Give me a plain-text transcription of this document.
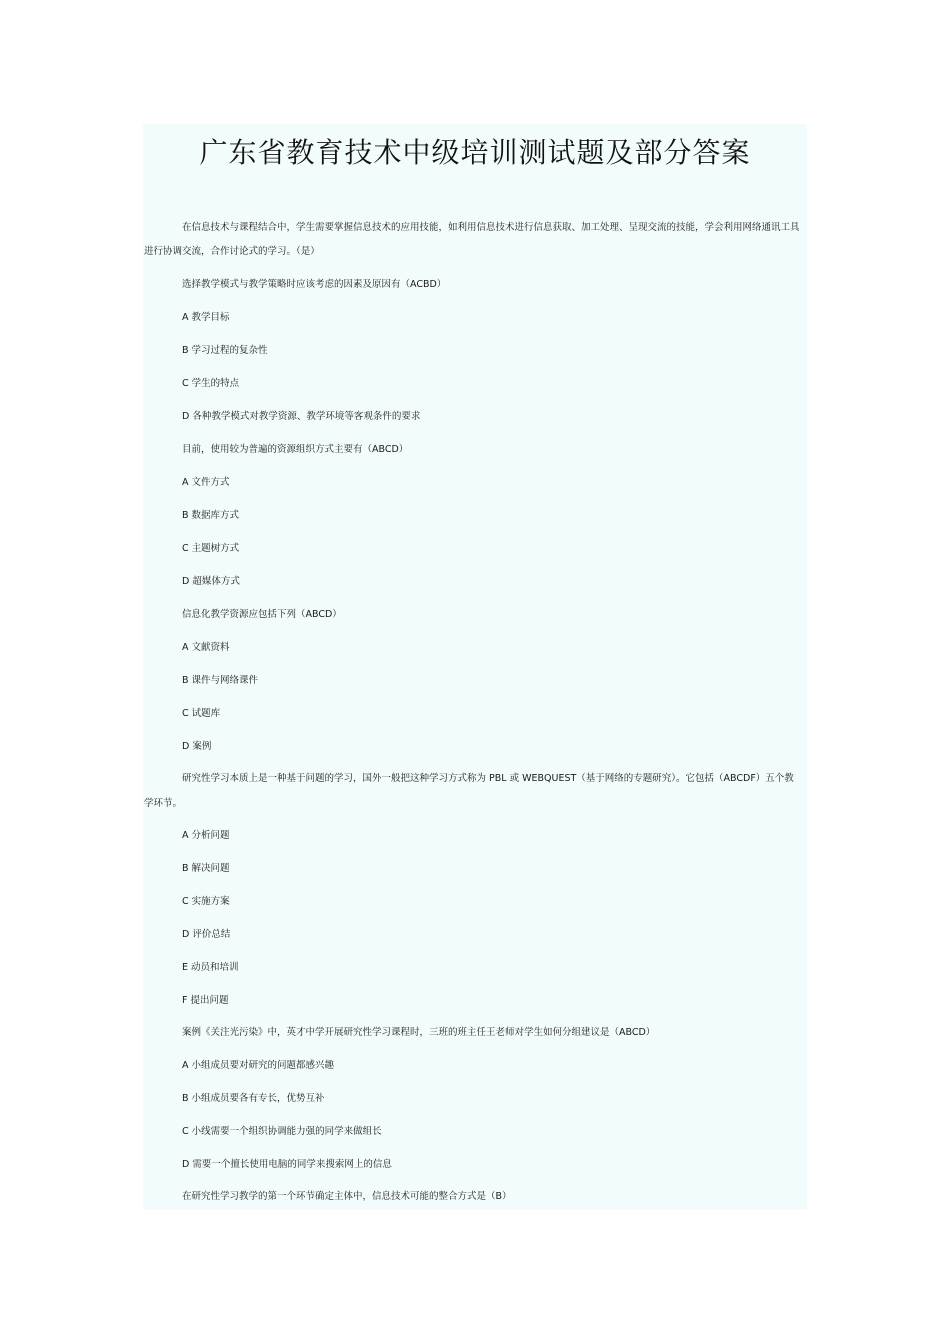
广东省教育技术中级培训测试题及部分答案
在信息技术与课程结合中，学生需要掌握信息技术的应用技能，如利用信息技术进行信息获取、加工处理、呈现交流的技能，学会利用网络通讯工具
进行协调交流，合作讨论式的学习。（是）
选择教学模式与教学策略时应该考虑的因素及原因有（ACBD）
A 教学目标
B 学习过程的复杂性
C 学生的特点
D 各种教学模式对教学资源、教学环境等客观条件的要求
目前，使用较为普遍的资源组织方式主要有（ABCD）
A 文件方式
B 数据库方式
C 主题树方式
D 超媒体方式
信息化教学资源应包括下列（ABCD）
A 文献资料
B 课件与网络课件
C 试题库
D 案例
研究性学习本质上是一种基于问题的学习，国外一般把这种学习方式称为 PBL 或 WEBQUEST（基于网络的专题研究）。它包括（ABCDF）五个教
学环节。
A 分析问题
B 解决问题
C 实施方案
D 评价总结
E 动员和培训
F 提出问题
案例《关注光污染》中，英才中学开展研究性学习课程时，三班的班主任王老师对学生如何分组建议是（ABCD）
A 小组成员要对研究的问题都感兴趣
B 小组成员要各有专长，优势互补
C 小线需要一个组织协调能力强的同学来做组长
D 需要一个擅长使用电脑的同学来搜索网上的信息
在研究性学习教学的第一个环节确定主体中，信息技术可能的整合方式是（B）
